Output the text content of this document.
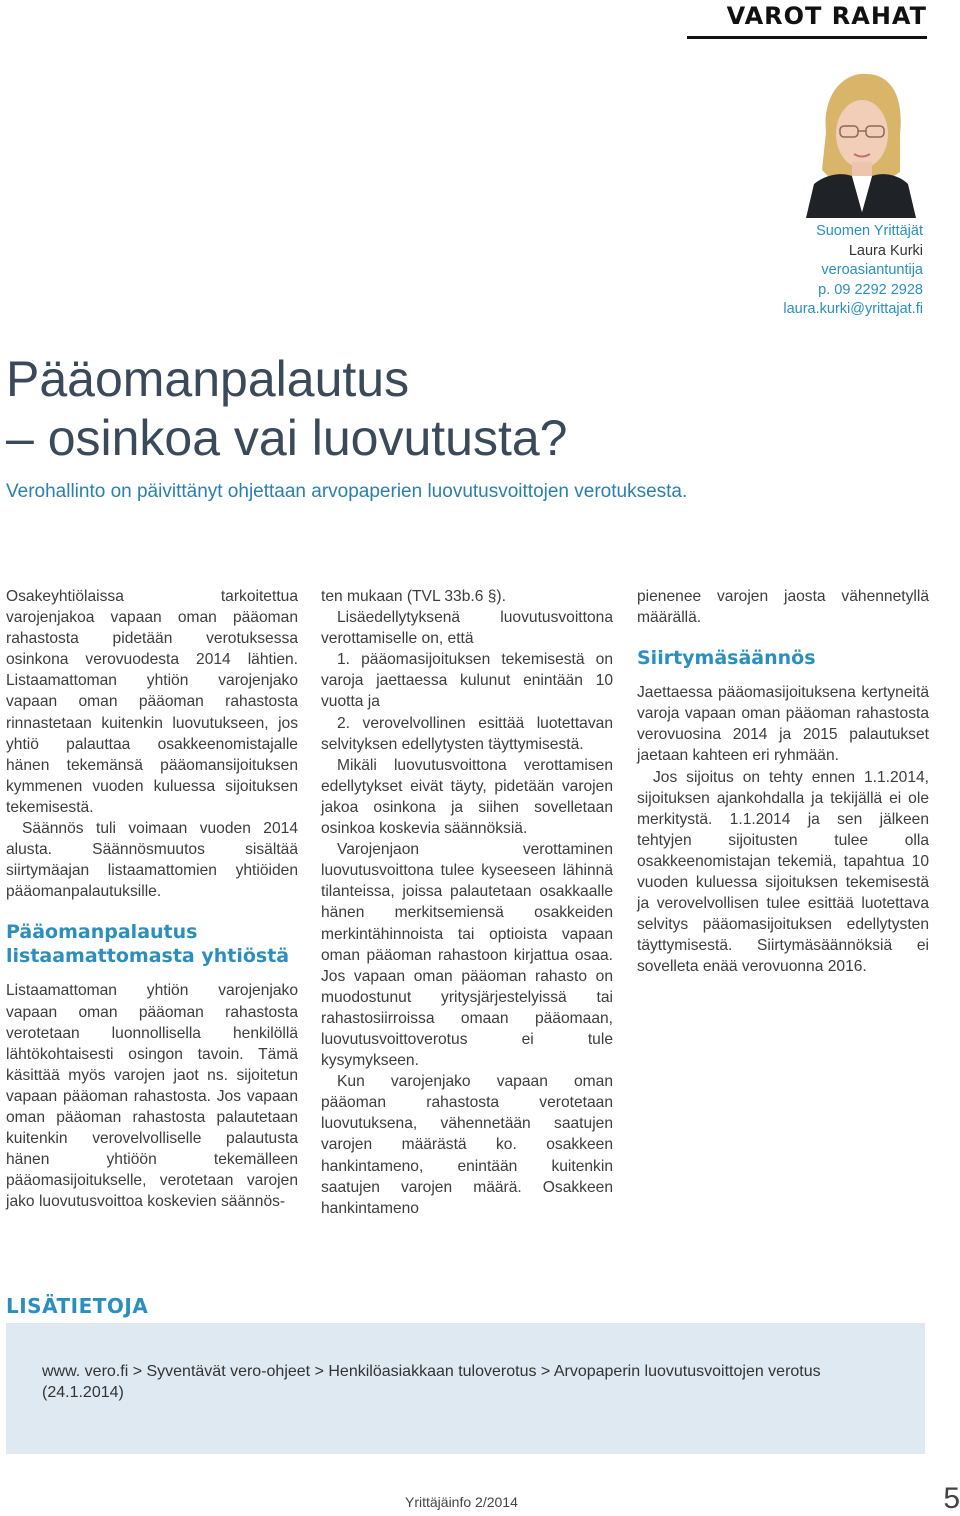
VAROT RAHAT
Suomen Yrittäjät
Laura Kurki
veroasiantuntija
p. 09 2292 2928
laura.kurki@yrittajat.fi
Pääomanpalautus
– osinkoa vai luovutusta?

Verohallinto on päivittänyt ohjettaan arvopaperien luovutusvoittojen verotuksesta.

Osakeyhtiölaissa tarkoitettua varojenjakoa vapaan oman pääoman rahastosta pidetään verotuksessa osinkona verovuodesta 2014 lähtien. Listaamattoman yhtiön varojenjako vapaan oman pääoman rahastosta rinnastetaan kuitenkin luovutukseen, jos yhtiö palauttaa osakkeenomistajalle hänen tekemänsä pääomansijoituksen kymmenen vuoden kuluessa sijoituksen tekemisestä.

Säännös tuli voimaan vuoden 2014 alusta. Säännösmuutos sisältää siirtymäajan listaamattomien yhtiöiden pääomanpalautuksille.

Pääomanpalautus listaamattomasta yhtiöstä

Listaamattoman yhtiön varojenjako vapaan oman pääoman rahastosta verotetaan luonnollisella henkilöllä lähtökohtaisesti osingon tavoin. Tämä käsittää myös varojen jaot ns. sijoitetun vapaan pääoman rahastosta. Jos vapaan oman pääoman rahastosta palautetaan kuitenkin verovelvolliselle palautusta hänen yhtiöön tekemälleen pääomasijoitukselle, verotetaan varojen jako luovutusvoittoa koskevien säännös-

ten mukaan (TVL 33b.6 §).

Lisäedellytyksenä luovutusvoittona verottamiselle on, että

1. pääomasijoituksen tekemisestä on varoja jaettaessa kulunut enintään 10 vuotta ja

2. verovelvollinen esittää luotettavan selvityksen edellytysten täyttymisestä.

Mikäli luovutusvoittona verottamisen edellytykset eivät täyty, pidetään varojen jakoa osinkona ja siihen sovelletaan osinkoa koskevia säännöksiä.

Varojenjaon verottaminen luovutusvoittona tulee kyseeseen lähinnä tilanteissa, joissa palautetaan osakkaalle hänen merkitsemiensä osakkeiden merkintähinnoista tai optioista vapaan oman pääoman rahastoon kirjattua osaa. Jos vapaan oman pääoman rahasto on muodostunut yritysjärjestelyissä tai rahastosiirroissa omaan pääomaan, luovutusvoittoverotus ei tule kysymykseen.

Kun varojenjako vapaan oman pääoman rahastosta verotetaan luovutuksena, vähennetään saatujen varojen määrästä ko. osakkeen hankintameno, enintään kuitenkin saatujen varojen määrä. Osakkeen hankintameno

pienenee varojen jaosta vähennetyllä määrällä.

Siirtymäsäännös

Jaettaessa pääomasijoituksena kertyneitä varoja vapaan oman pääoman rahastosta verovuosina 2014 ja 2015 palautukset jaetaan kahteen eri ryhmään.

Jos sijoitus on tehty ennen 1.1.2014, sijoituksen ajankohdalla ja tekijällä ei ole merkitystä. 1.1.2014 ja sen jälkeen tehtyjen sijoitusten tulee olla osakkeenomistajan tekemiä, tapahtua 10 vuoden kuluessa sijoituksen tekemisestä ja verovelvollisen tulee esittää luotettava selvitys pääomasijoituksen edellytysten täyttymisestä. Siirtymäsäännöksiä ei sovelleta enää verovuonna 2016.

LISÄTIETOJA
www. vero.fi > Syventävät vero-ohjeet > Henkilöasiakkaan tuloverotus > Arvopaperin luovutusvoittojen verotus (24.1.2014)
Yrittäjäinfo 2/2014	5
